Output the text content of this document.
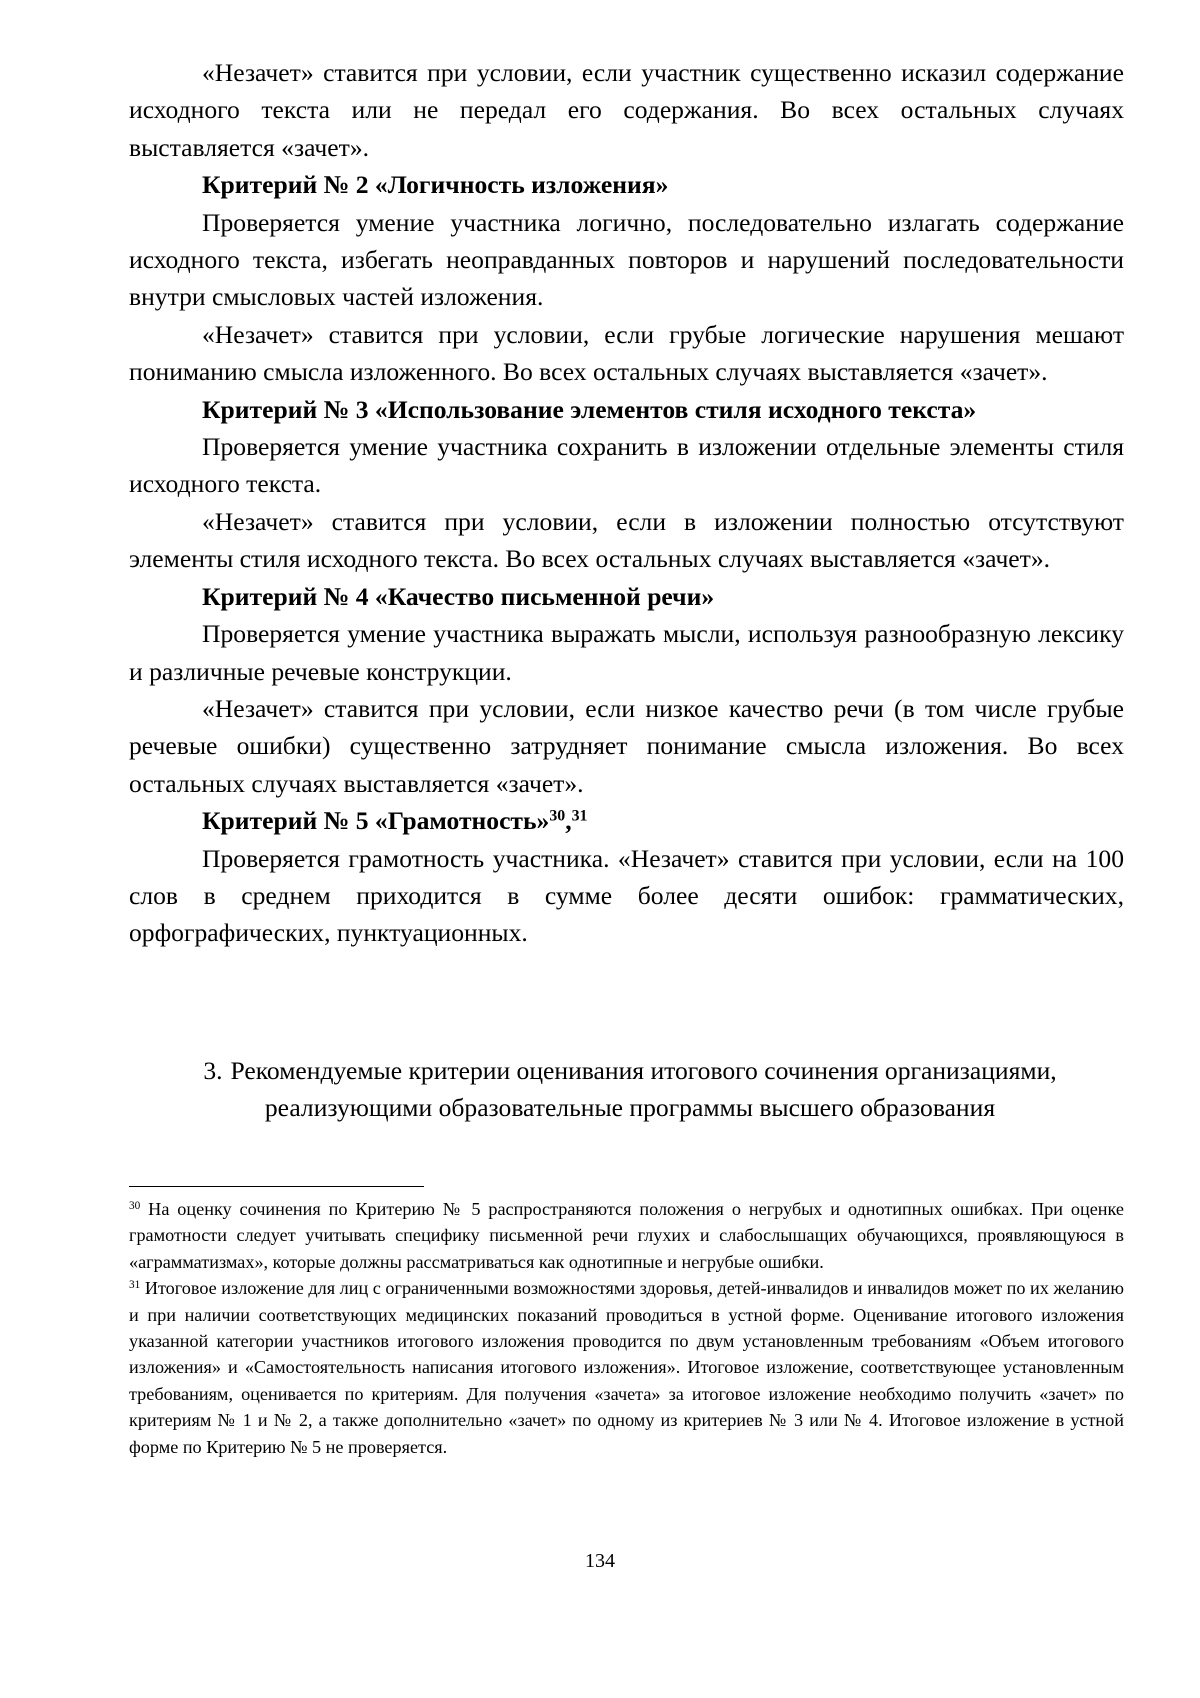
«Незачет» ставится при условии, если участник существенно исказил содержание исходного текста или не передал его содержания. Во всех остальных случаях выставляется «зачет».

Критерий № 2 «Логичность изложения»

Проверяется умение участника логично, последовательно излагать содержание исходного текста, избегать неоправданных повторов и нарушений последовательности внутри смысловых частей изложения.

«Незачет» ставится при условии, если грубые логические нарушения мешают пониманию смысла изложенного. Во всех остальных случаях выставляется «зачет».

Критерий № 3 «Использование элементов стиля исходного текста»

Проверяется умение участника сохранить в изложении отдельные элементы стиля исходного текста.

«Незачет» ставится при условии, если в изложении полностью отсутствуют элементы стиля исходного текста. Во всех остальных случаях выставляется «зачет».

Критерий № 4 «Качество письменной речи»

Проверяется умение участника выражать мысли, используя разнообразную лексику и различные речевые конструкции.

«Незачет» ставится при условии, если низкое качество речи (в том числе грубые речевые ошибки) существенно затрудняет понимание смысла изложения. Во всех остальных случаях выставляется «зачет».

Критерий № 5 «Грамотность»$^{30}$,$^{31}$

Проверяется грамотность участника. «Незачет» ставится при условии, если на 100 слов в среднем приходится в сумме более десяти ошибок: грамматических, орфографических, пунктуационных.

3. Рекомендуемые критерии оценивания итогового сочинения организациями, реализующими образовательные программы высшего образования

$^{30}$ На оценку сочинения по Критерию № 5 распространяются положения о негрубых и однотипных ошибках. При оценке грамотности следует учитывать специфику письменной речи глухих и слабослышащих обучающихся, проявляющуюся в «аграмматизмах», которые должны рассматриваться как однотипные и негрубые ошибки.

$^{31}$ Итоговое изложение для лиц с ограниченными возможностями здоровья, детей-инвалидов и инвалидов может по их желанию и при наличии соответствующих медицинских показаний проводиться в устной форме. Оценивание итогового изложения указанной категории участников итогового изложения проводится по двум установленным требованиям «Объем итогового изложения» и «Самостоятельность написания итогового изложения». Итоговое изложение, соответствующее установленным требованиям, оценивается по критериям. Для получения «зачета» за итоговое изложение необходимо получить «зачет» по критериям № 1 и № 2, а также дополнительно «зачет» по одному из критериев № 3 или № 4. Итоговое изложение в устной форме по Критерию № 5 не проверяется.

134
